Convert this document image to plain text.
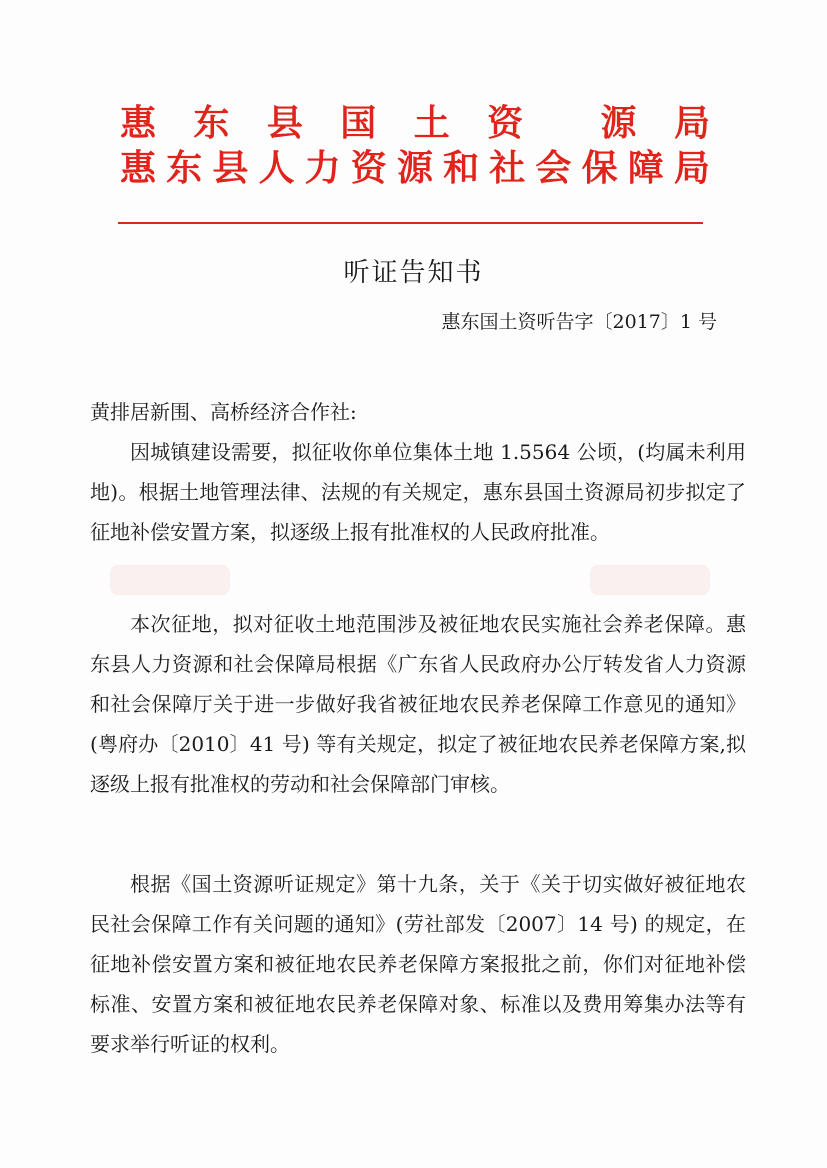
惠 东 县 国 土 资 源 局
惠 东 县 人 力 资 源 和 社 会 保 障 局
听证告知书
惠东国土资听告字〔2017〕1 号

黄排居新围、高桥经济合作社:

因城镇建设需要，拟征收你单位集体土地 1.5564 公顷，(均属未利用地)。根据土地管理法律、法规的有关规定，惠东县国土资源局初步拟定了征地补偿安置方案，拟逐级上报有批准权的人民政府批准。

本次征地，拟对征收土地范围涉及被征地农民实施社会养老保障。惠东县人力资源和社会保障局根据《广东省人民政府办公厅转发省人力资源和社会保障厅关于进一步做好我省被征地农民养老保障工作意见的通知》(粤府办〔2010〕41 号) 等有关规定，拟定了被征地农民养老保障方案,拟逐级上报有批准权的劳动和社会保障部门审核。

根据《国土资源听证规定》第十九条，关于《关于切实做好被征地农民社会保障工作有关问题的通知》(劳社部发〔2007〕14 号) 的规定，在征地补偿安置方案和被征地农民养老保障方案报批之前，你们对征地补偿标准、安置方案和被征地农民养老保障对象、标准以及费用筹集办法等有要求举行听证的权利。
